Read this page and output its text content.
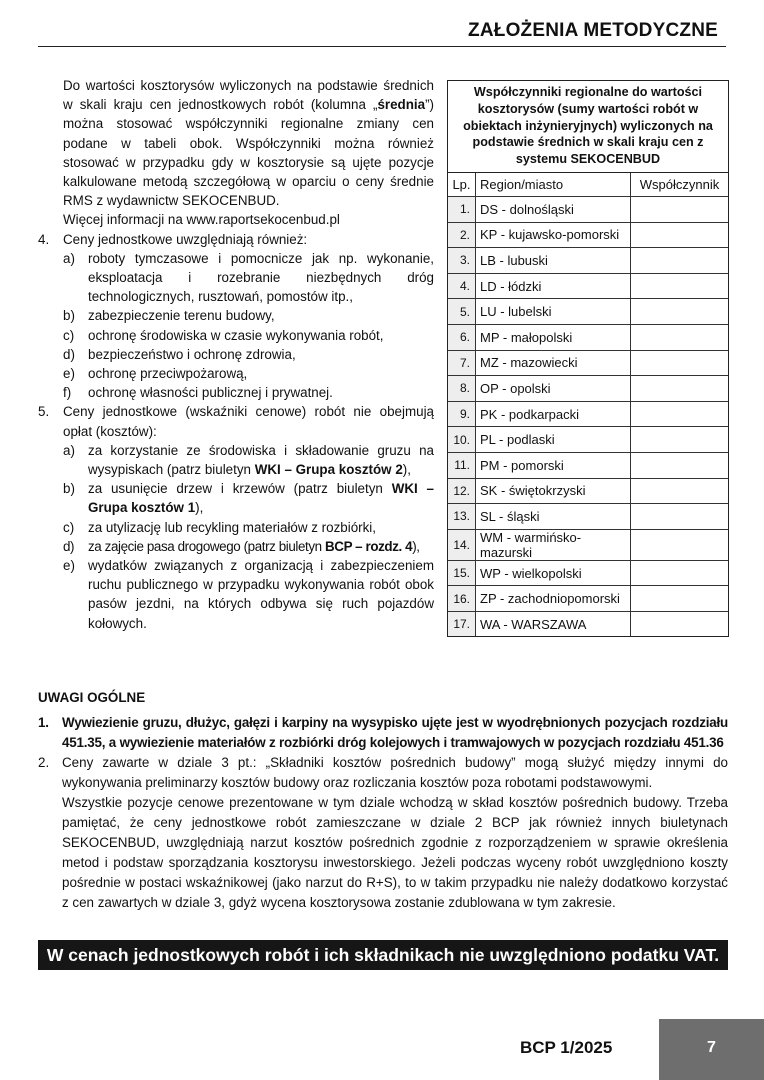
ZAŁOŻENIA METODYCZNE
Do wartości kosztorysów wyliczonych na podstawie średnich w skali kraju cen jednostkowych robót (kolumna „średnia”) można stosować współczynniki regionalne zmiany cen podane w tabeli obok. Współczynniki można również stosować w przypadku gdy w kosztorysie są ujęte pozycje kalkulowane metodą szczegółową w oparciu o ceny średnie RMS z wydawnictw SEKOCENBUD.
Więcej informacji na www.raportsekocenbud.pl
4. Ceny jednostkowe uwzględniają również:
a) roboty tymczasowe i pomocnicze jak np. wykonanie, eksploatacja i rozebranie niezbędnych dróg technologicznych, rusztowań, pomostów itp.,
b) zabezpieczenie terenu budowy,
c) ochronę środowiska w czasie wykonywania robót,
d) bezpieczeństwo i ochronę zdrowia,
e) ochronę przeciwpożarową,
f) ochronę własności publicznej i prywatnej.
5. Ceny jednostkowe (wskaźniki cenowe) robót nie obejmują opłat (kosztów):
a) za korzystanie ze środowiska i składowanie gruzu na wysypiskach (patrz biuletyn WKI – Grupa kosztów 2),
b) za usunięcie drzew i krzewów (patrz biuletyn WKI – Grupa kosztów 1),
c) za utylizację lub recykling materiałów z rozbiórki,
d) za zajęcie pasa drogowego (patrz biuletyn BCP – rozdz. 4),
e) wydatków związanych z organizacją i zabezpieczeniem ruchu publicznego w przypadku wykonywania robót obok pasów jezdni, na których odbywa się ruch pojazdów kołowych.
Współczynniki regionalne do wartości kosztorysów (sumy wartości robót w obiektach inżynieryjnych) wyliczonych na podstawie średnich w skali kraju cen z systemu SEKOCENBUD
Lp.	Region/miasto	Współczynnik
1.	DS - dolnośląski	
2.	KP - kujawsko-pomorski	
3.	LB - lubuski	
4.	LD - łódzki	
5.	LU - lubelski	
6.	MP - małopolski	
7.	MZ - mazowiecki	
8.	OP - opolski	
9.	PK - podkarpacki	
10.	PL - podlaski	
11.	PM - pomorski	
12.	SK - świętokrzyski	
13.	SL - śląski	
14.	WM - warmińsko-mazurski	
15.	WP - wielkopolski	
16.	ZP - zachodniopomorski	
17.	WA - WARSZAWA	
UWAGI OGÓLNE
1. Wywiezienie gruzu, dłużyc, gałęzi i karpiny na wysypisko ujęte jest w wyodrębnionych pozycjach rozdziału 451.35, a wywiezienie materiałów z rozbiórki dróg kolejowych i tramwajowych w pozycjach rozdziału 451.36
2. Ceny zawarte w dziale 3 pt.: „Składniki kosztów pośrednich budowy” mogą służyć między innymi do wykonywania preliminarzy kosztów budowy oraz rozliczania kosztów poza robotami podstawowymi.
Wszystkie pozycje cenowe prezentowane w tym dziale wchodzą w skład kosztów pośrednich budowy. Trzeba pamiętać, że ceny jednostkowe robót zamieszczane w dziale 2 BCP jak również innych biuletynach SEKOCENBUD, uwzględniają narzut kosztów pośrednich zgodnie z rozporządzeniem w sprawie określenia metod i podstaw sporządzania kosztorysu inwestorskiego. Jeżeli podczas wyceny robót uwzględniono koszty pośrednie w postaci wskaźnikowej (jako narzut do R+S), to w takim przypadku nie należy dodatkowo korzystać z cen zawartych w dziale 3, gdyż wycena kosztorysowa zostanie zdublowana w tym zakresie.
W cenach jednostkowych robót i ich składnikach nie uwzględniono podatku VAT.
BCP 1/2025	7
